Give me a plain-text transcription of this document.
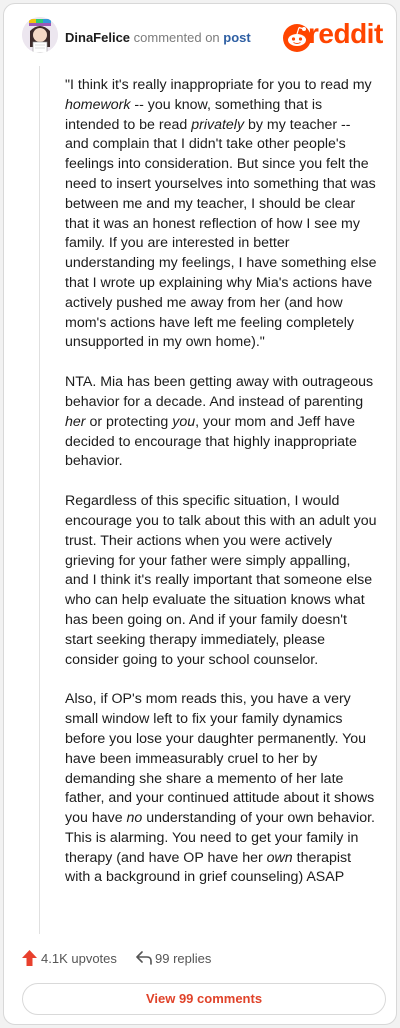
DinaFelice commented on post reddit

"I think it's really inappropriate for you to read my homework -- you know, something that is intended to be read privately by my teacher -- and complain that I didn't take other people's feelings into consideration. But since you felt the need to insert yourselves into something that was between me and my teacher, I should be clear that it was an honest reflection of how I see my family. If you are interested in better understanding my feelings, I have something else that I wrote up explaining why Mia's actions have actively pushed me away from her (and how mom's actions have left me feeling completely unsupported in my own home)."

NTA. Mia has been getting away with outrageous behavior for a decade. And instead of parenting her or protecting you, your mom and Jeff have decided to encourage that highly inappropriate behavior.

Regardless of this specific situation, I would encourage you to talk about this with an adult you trust. Their actions when you were actively grieving for your father were simply appalling, and I think it's really important that someone else who can help evaluate the situation knows what has been going on. And if your family doesn't start seeking therapy immediately, please consider going to your school counselor.

Also, if OP's mom reads this, you have a very small window left to fix your family dynamics before you lose your daughter permanently. You have been immeasurably cruel to her by demanding she share a memento of her late father, and your continued attitude about it shows you have no understanding of your own behavior. This is alarming. You need to get your family in therapy (and have OP have her own therapist with a background in grief counseling) ASAP

4.1K upvotes	99 replies
View 99 comments
